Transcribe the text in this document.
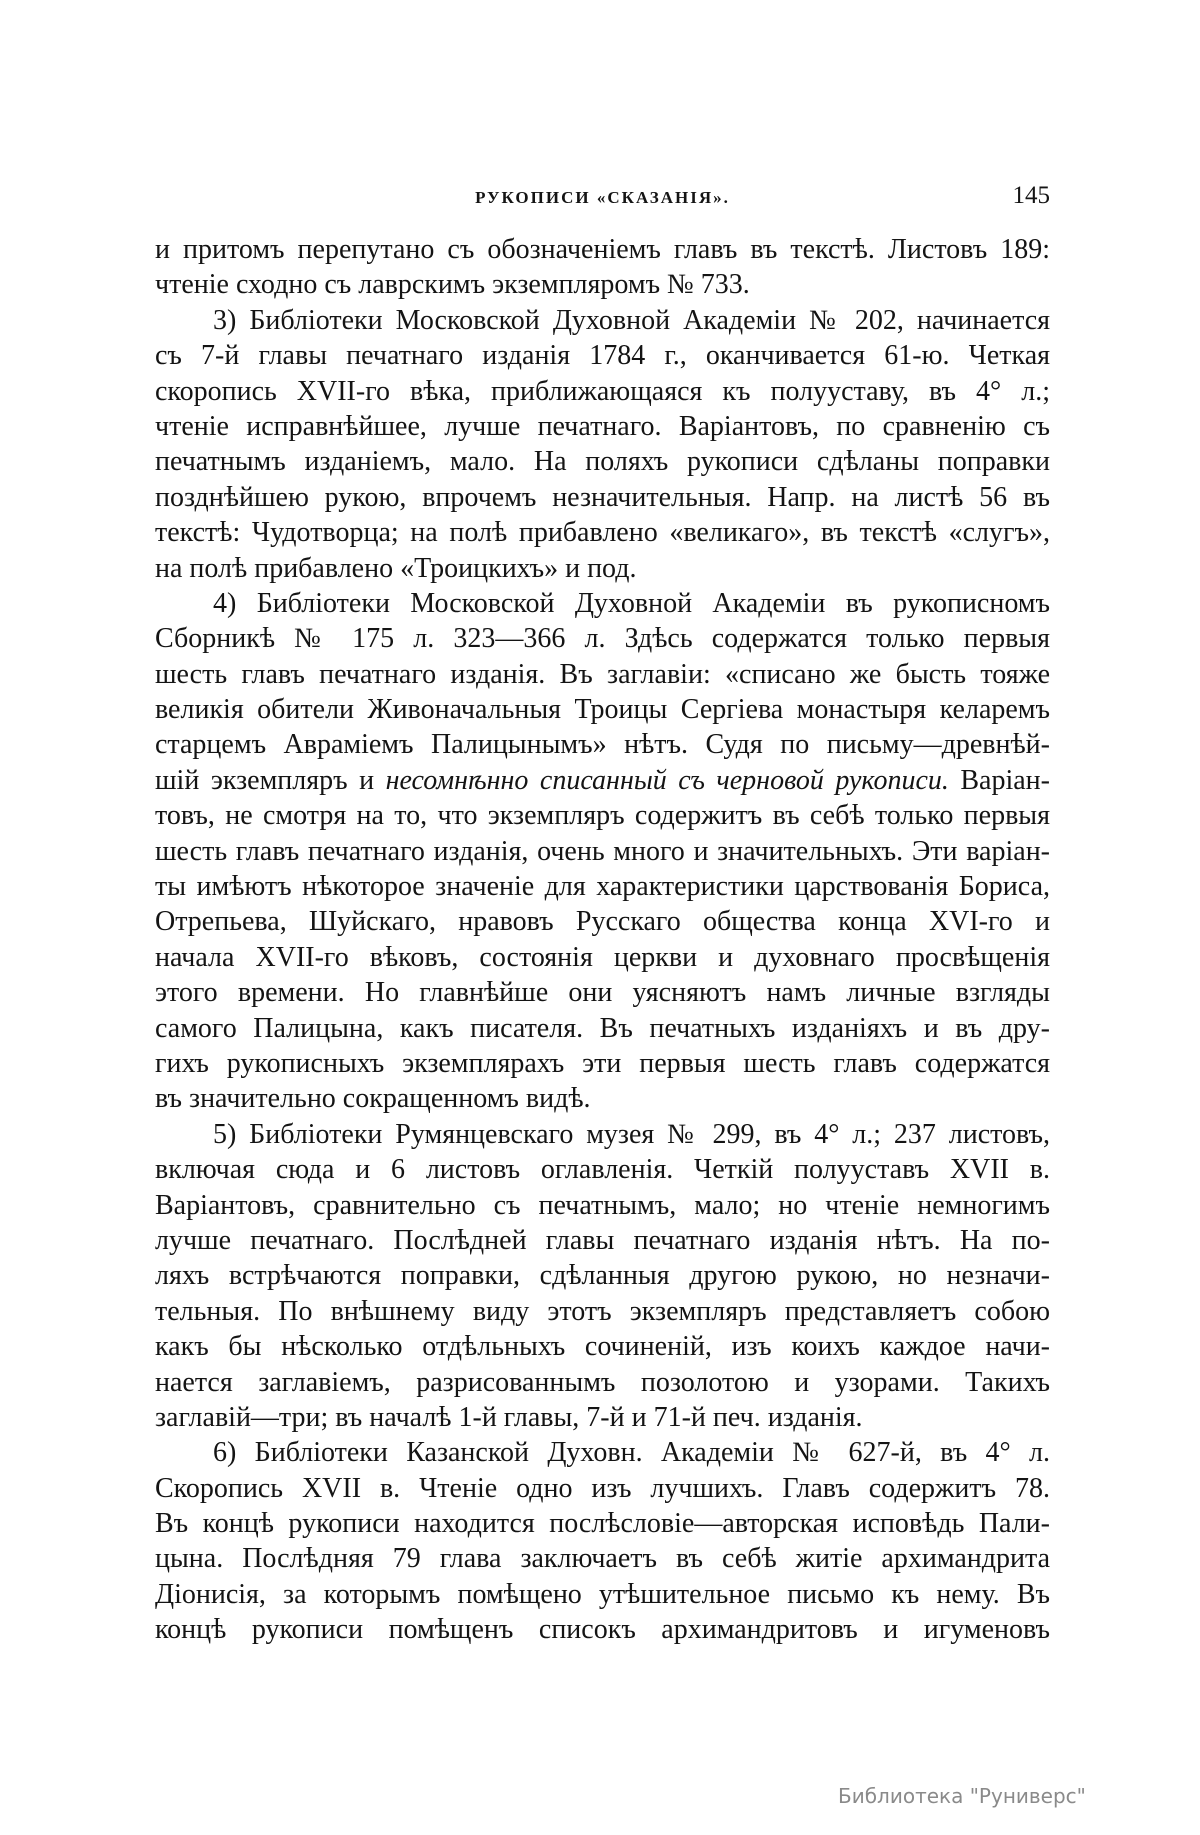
РУКОПИСИ «СКАЗАНІЯ».	145
и притомъ перепутано съ обозначеніемъ главъ въ текстѣ. Листовъ 189:
чтеніе сходно съ лаврскимъ экземпляромъ № 733.
3) Библіотеки Московской Духовной Академіи № 202, начинается
съ 7-й главы печатнаго изданія 1784 г., оканчивается 61-ю. Четкая
скоропись XVII-го вѣка, приближающаяся къ полууставу, въ 4° л.;
чтеніе исправнѣйшее, лучше печатнаго. Варіантовъ, по сравненію съ
печатнымъ изданіемъ, мало. На поляхъ рукописи сдѣланы поправки
позднѣйшею рукою, впрочемъ незначительныя. Напр. на листѣ 56 въ
текстѣ: Чудотворца; на полѣ прибавлено «великаго», въ текстѣ «слугъ»,
на полѣ прибавлено «Троицкихъ» и под.
4) Библіотеки Московской Духовной Академіи въ рукописномъ
Сборникѣ № 175 л. 323—366 л. Здѣсь содержатся только первыя
шесть главъ печатнаго изданія. Въ заглавіи: «списано же бысть тояже
великія обители Живоначальныя Троицы Сергіева монастыря келаремъ
старцемъ Авраміемъ Палицынымъ» нѣтъ. Судя по письму—древнѣй-
шій экземпляръ и несомнѣнно списанный съ черновой рукописи. Варіан-
товъ, не смотря на то, что экземпляръ содержитъ въ себѣ только первыя
шесть главъ печатнаго изданія, очень много и значительныхъ. Эти варіан-
ты имѣютъ нѣкоторое значеніе для характеристики царствованія Бориса,
Отрепьева, Шуйскаго, нравовъ Русскаго общества конца XVI-го и
начала XVII-го вѣковъ, состоянія церкви и духовнаго просвѣщенія
этого времени. Но главнѣйше они уясняютъ намъ личные взгляды
самого Палицына, какъ писателя. Въ печатныхъ изданіяхъ и въ дру-
гихъ рукописныхъ экземплярахъ эти первыя шесть главъ содержатся
въ значительно сокращенномъ видѣ.
5) Библіотеки Румянцевскаго музея № 299, въ 4° л.; 237 листовъ,
включая сюда и 6 листовъ оглавленія. Четкій полууставъ XVII в.
Варіантовъ, сравнительно съ печатнымъ, мало; но чтеніе немногимъ
лучше печатнаго. Послѣдней главы печатнаго изданія нѣтъ. На по-
ляхъ встрѣчаются поправки, сдѣланныя другою рукою, но незначи-
тельныя. По внѣшнему виду этотъ экземпляръ представляетъ собою
какъ бы нѣсколько отдѣльныхъ сочиненій, изъ коихъ каждое начи-
нается заглавіемъ, разрисованнымъ позолотою и узорами. Такихъ
заглавій—три; въ началѣ 1-й главы, 7-й и 71-й печ. изданія.
6) Библіотеки Казанской Духовн. Академіи № 627-й, въ 4° л.
Скоропись XVII в. Чтеніе одно изъ лучшихъ. Главъ содержитъ 78.
Въ концѣ рукописи находится послѣсловіе—авторская исповѣдь Пали-
цына. Послѣдняя 79 глава заключаетъ въ себѣ житіе архимандрита
Діонисія, за которымъ помѣщено утѣшительное письмо къ нему. Въ
концѣ рукописи помѣщенъ списокъ архимандритовъ и игуменовъ
Библиотека "Руниверс"
